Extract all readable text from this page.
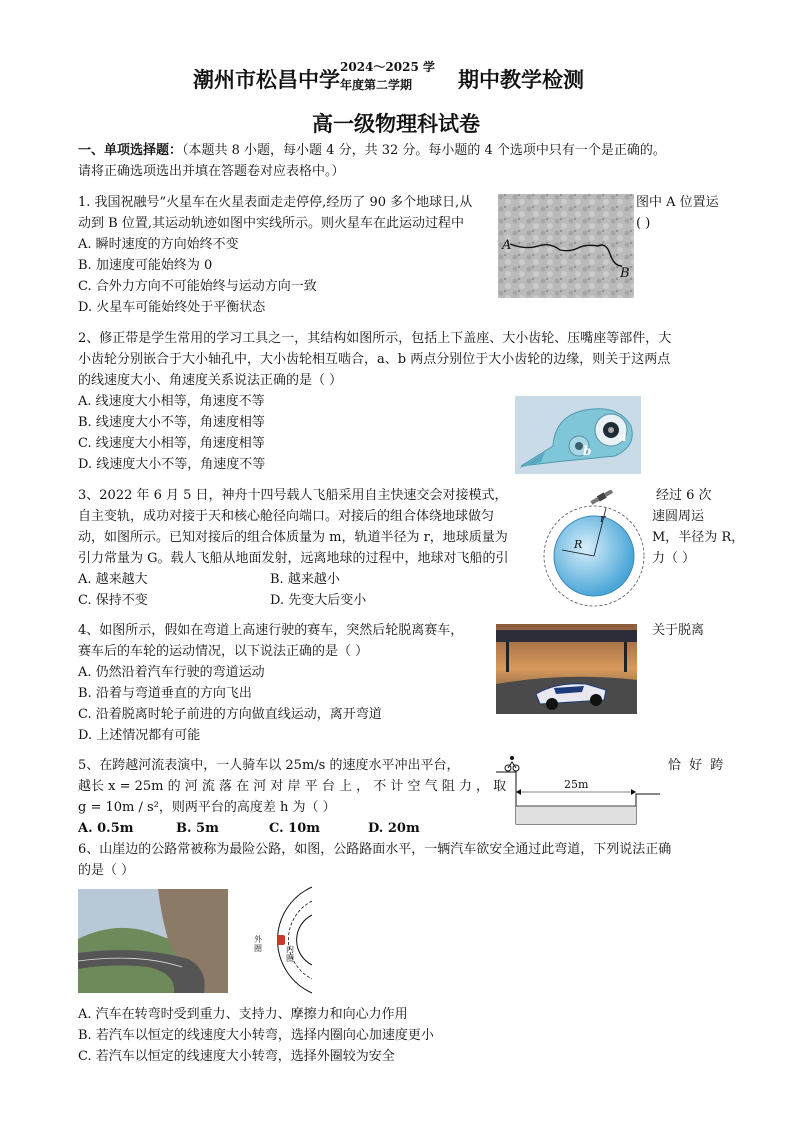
潮州市松昌中学 2024～2025 学
年度第二学期 期中教学检测
高一级物理科试卷
一、单项选择题：（本题共 8 小题，每小题 4 分，共 32 分。每小题的 4 个选项中只有一个是正确的。
请将正确选项选出并填在答题卷对应表格中。）
1. 我国祝融号”火星车在火星表面走走停停,经历了 90 多个地球日,从	图中 A 位置运
动到 B 位置,其运动轨迹如图中实线所示。则火星车在此运动过程中	( )
A. 瞬时速度的方向始终不变
B. 加速度可能始终为 0
C. 合外力方向不可能始终与运动方向一致
D. 火星车可能始终处于平衡状态
A
B
2、修正带是学生常用的学习工具之一，其结构如图所示，包括上下盖座、大小齿轮、压嘴座等部件，大
小齿轮分别嵌合于大小轴孔中，大小齿轮相互啮合，a、b 两点分别位于大小齿轮的边缘，则关于这两点
的线速度大小、角速度关系说法正确的是（ ）
A. 线速度大小相等，角速度不等
B. 线速度大小不等，角速度相等
C. 线速度大小相等，角速度相等
D. 线速度大小不等，角速度不等
a
b
3、2022 年 6 月 5 日，神舟十四号载人飞船采用自主快速交会对接模式，	经过 6 次
自主变轨，成功对接于天和核心舱径向端口。对接后的组合体绕地球做匀	速圆周运
动，如图所示。已知对接后的组合体质量为 m，轨道半径为 r，地球质量为	M，半径为 R，
引力常量为 G。载人飞船从地面发射，远离地球的过程中，地球对飞船的引	力（ ）
A. 越来越大	B. 越来越小
C. 保持不变	D. 先变大后变小
R
r
4、如图所示，假如在弯道上高速行驶的赛车，突然后轮脱离赛车，	关于脱离
赛车后的车轮的运动情况，以下说法正确的是（ ）
A. 仍然沿着汽车行驶的弯道运动
B. 沿着与弯道垂直的方向飞出
C. 沿着脱离时轮子前进的方向做直线运动，离开弯道
D. 上述情况都有可能
5、在跨越河流表演中，一人骑车以 25m/s 的速度水平冲出平台，	恰 好 跨
越长 x = 25m 的 河 流 落 在 河 对 岸 平 台 上 ， 不 计 空 气 阻 力 ， 取
g = 10m / s²，则两平台的高度差 h 为（ ）
A. 0.5m	B. 5m	C. 10m	D. 20m
25m
6、山崖边的公路常被称为最险公路，如图，公路路面水平，一辆汽车欲安全通过此弯道，下列说法正确
的是（ ）
外圈	内圈
A. 汽车在转弯时受到重力、支持力、摩擦力和向心力作用
B. 若汽车以恒定的线速度大小转弯，选择内圈向心加速度更小
C. 若汽车以恒定的线速度大小转弯，选择外圈较为安全
